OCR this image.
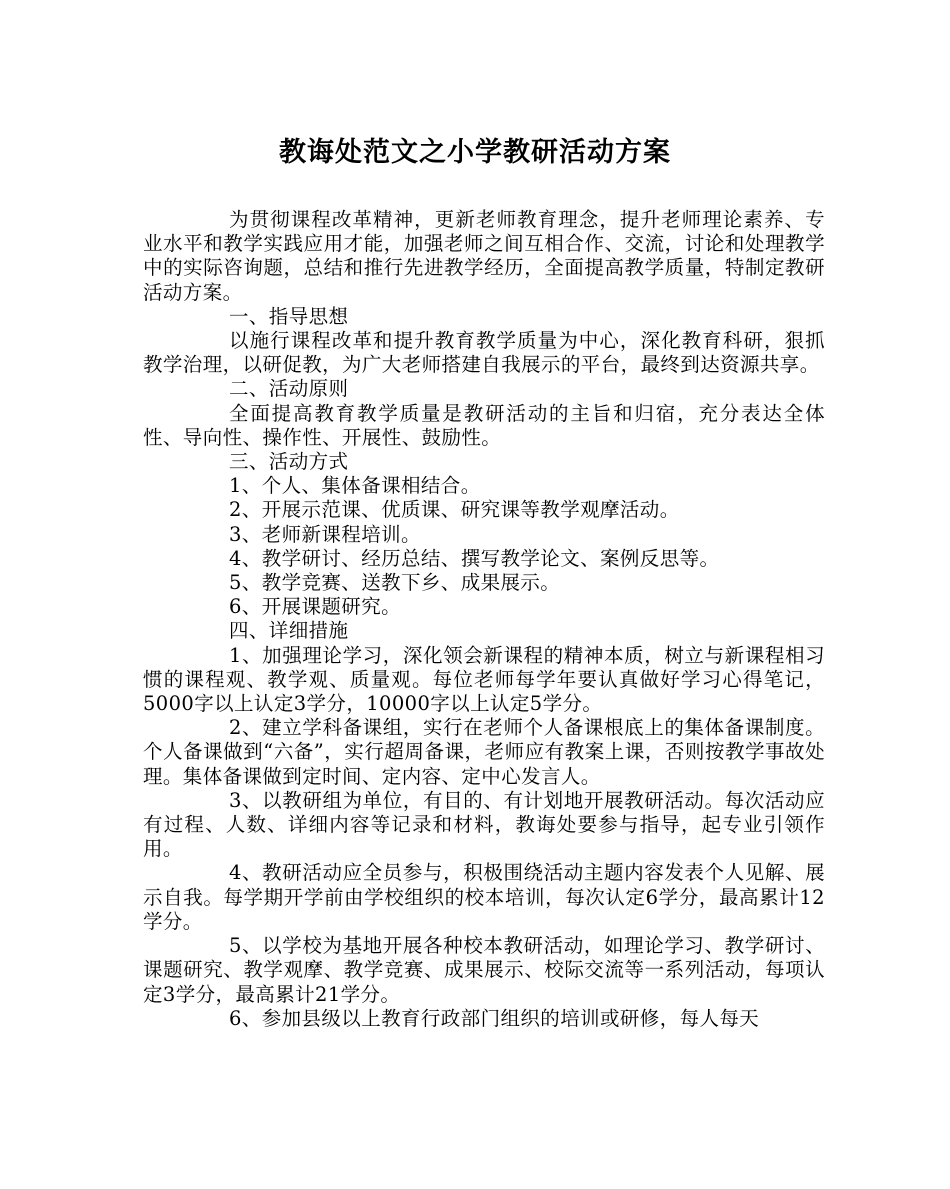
教诲处范文之小学教研活动方案

为贯彻课程改革精神，更新老师教育理念，提升老师理论素养、专业水平和教学实践应用才能，加强老师之间互相合作、交流，讨论和处理教学中的实际咨询题，总结和推行先进教学经历，全面提高教学质量，特制定教研活动方案。

一、指导思想

以施行课程改革和提升教育教学质量为中心，深化教育科研，狠抓教学治理，以研促教，为广大老师搭建自我展示的平台，最终到达资源共享。

二、活动原则

全面提高教育教学质量是教研活动的主旨和归宿，充分表达全体性、导向性、操作性、开展性、鼓励性。

三、活动方式

1、个人、集体备课相结合。

2、开展示范课、优质课、研究课等教学观摩活动。

3、老师新课程培训。

4、教学研讨、经历总结、撰写教学论文、案例反思等。

5、教学竞赛、送教下乡、成果展示。

6、开展课题研究。

四、详细措施

1、加强理论学习，深化领会新课程的精神本质，树立与新课程相习惯的课程观、教学观、质量观。每位老师每学年要认真做好学习心得笔记，5000字以上认定3学分，10000字以上认定5学分。

2、建立学科备课组，实行在老师个人备课根底上的集体备课制度。个人备课做到“六备”，实行超周备课，老师应有教案上课，否则按教学事故处理。集体备课做到定时间、定内容、定中心发言人。

3、以教研组为单位，有目的、有计划地开展教研活动。每次活动应有过程、人数、详细内容等记录和材料，教诲处要参与指导，起专业引领作用。

4、教研活动应全员参与，积极围绕活动主题内容发表个人见解、展示自我。每学期开学前由学校组织的校本培训，每次认定6学分，最高累计12学分。

5、以学校为基地开展各种校本教研活动，如理论学习、教学研讨、课题研究、教学观摩、教学竞赛、成果展示、校际交流等一系列活动，每项认定3学分，最高累计21学分。

6、参加县级以上教育行政部门组织的培训或研修，每人每天
